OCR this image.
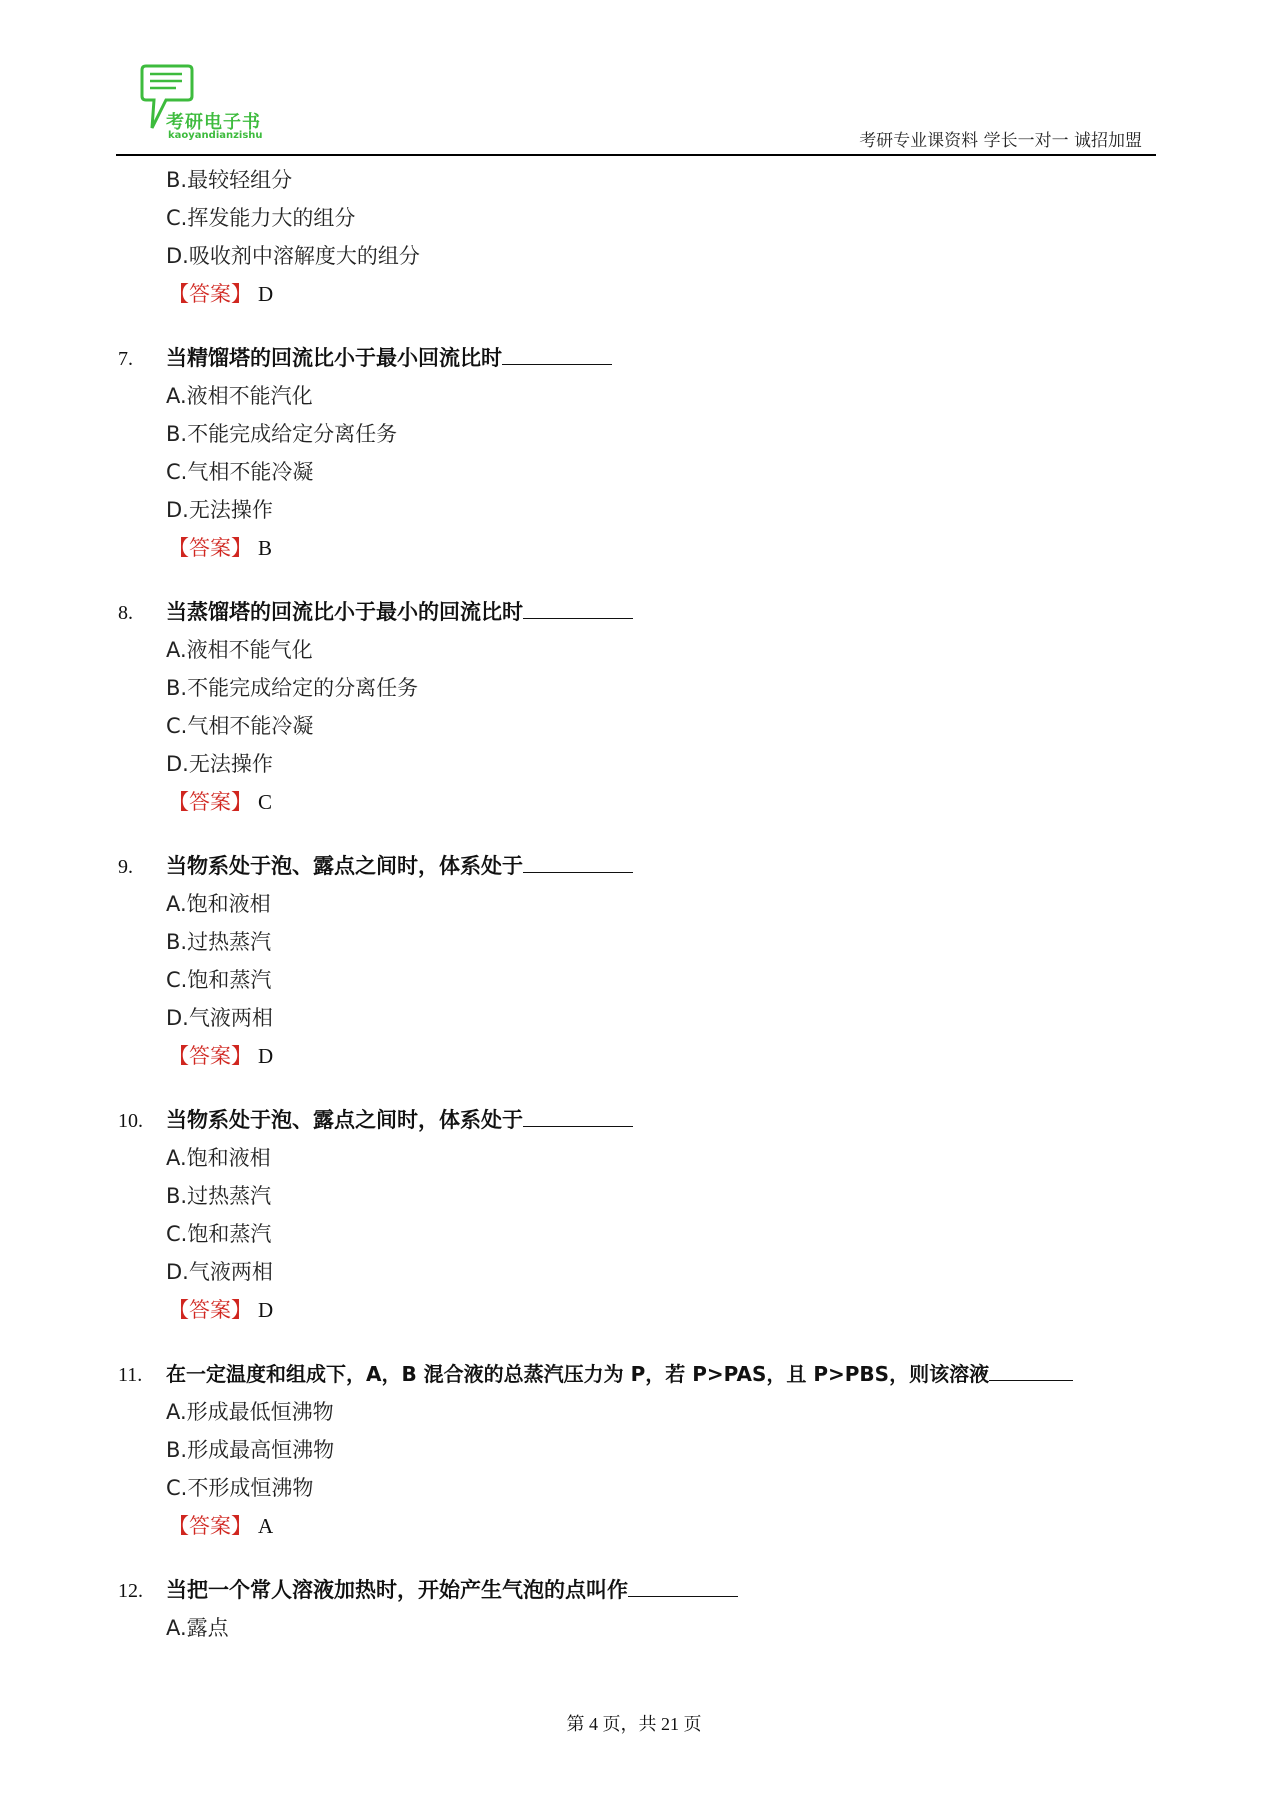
考研电子书
kaoyandianzishu	考研专业课资料 学长一对一 诚招加盟
B.最较轻组分
C.挥发能力大的组分
D.吸收剂中溶解度大的组分
【答案】 D
7. 当精馏塔的回流比小于最小回流比时
A.液相不能汽化
B.不能完成给定分离任务
C.气相不能冷凝
D.无法操作
【答案】 B
8. 当蒸馏塔的回流比小于最小的回流比时
A.液相不能气化
B.不能完成给定的分离任务
C.气相不能冷凝
D.无法操作
【答案】 C
9. 当物系处于泡、露点之间时，体系处于
A.饱和液相
B.过热蒸汽
C.饱和蒸汽
D.气液两相
【答案】 D
10. 当物系处于泡、露点之间时，体系处于
A.饱和液相
B.过热蒸汽
C.饱和蒸汽
D.气液两相
【答案】 D
11. 在一定温度和组成下，A，B 混合液的总蒸汽压力为 P，若 P>PAS，且 P>PBS，则该溶液
A.形成最低恒沸物
B.形成最高恒沸物
C.不形成恒沸物
【答案】 A
12. 当把一个常人溶液加热时，开始产生气泡的点叫作
A.露点
第 4 页，共 21 页
